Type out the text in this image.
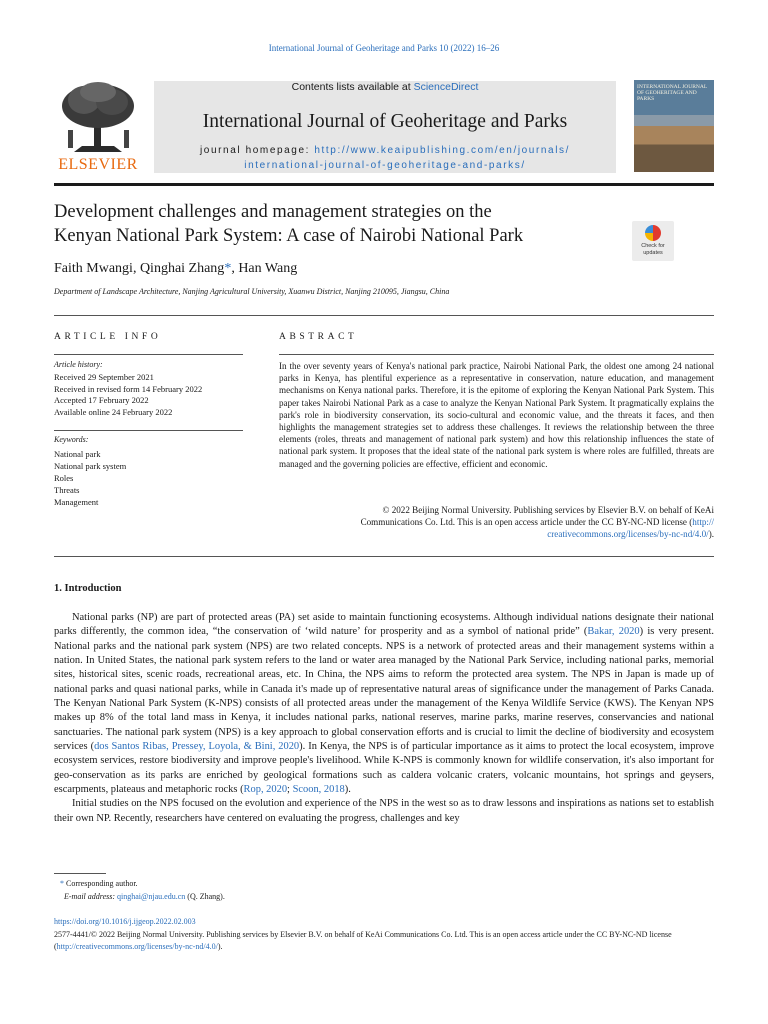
International Journal of Geoheritage and Parks 10 (2022) 16–26
ELSEVIER
Contents lists available at ScienceDirect
International Journal of Geoheritage and Parks
journal homepage: http://www.keaipublishing.com/en/journals/
international-journal-of-geoheritage-and-parks/
INTERNATIONAL JOURNAL OF GEOHERITAGE AND PARKS
Development challenges and management strategies on the
Kenyan National Park System: A case of Nairobi National Park
Check for updates
Faith Mwangi, Qinghai Zhang*, Han Wang
Department of Landscape Architecture, Nanjing Agricultural University, Xuanwu District, Nanjing 210095, Jiangsu, China
ARTICLE INFO
Article history:
Received 29 September 2021
Received in revised form 14 February 2022
Accepted 17 February 2022
Available online 24 February 2022
Keywords:
National park
National park system
Roles
Threats
Management
ABSTRACT
In the over seventy years of Kenya's national park practice, Nairobi National Park, the oldest one among 24 national parks in Kenya, has plentiful experience as a representative in conservation, nature education, and management mechanisms on Kenya national parks. Therefore, it is the epitome of exploring the Kenyan National Park System. This paper takes Nairobi National Park as a case to analyze the Kenyan National Park System. It pragmatically explains the park's role in biodiversity conservation, its socio-cultural and economic value, and the threats it faces, and then highlights the management strategies set to address these challenges. It reviews the relationship between the three elements (roles, threats and management of national park system) and how this relationship influences the state of national park system. It proposes that the ideal state of the national park system is where roles are fulfilled, threats are managed and the governing policies are effective, efficient and economic.
© 2022 Beijing Normal University. Publishing services by Elsevier B.V. on behalf of KeAi
Communications Co. Ltd. This is an open access article under the CC BY-NC-ND license (http://
creativecommons.org/licenses/by-nc-nd/4.0/).
1. Introduction

National parks (NP) are part of protected areas (PA) set aside to maintain functioning ecosystems. Although individual nations designate their national parks differently, the common idea, “the conservation of ‘wild nature’ for prosperity and as a symbol of national pride” (Bakar, 2020) is very present. National parks and the national park system (NPS) are two related concepts. NPS is a network of protected areas and their management systems within a nation. In United States, the national park system refers to the land or water area managed by the National Park Service, including national parks, memorial sites, historical sites, scenic roads, recreational areas, etc. In China, the NPS aims to reform the protected area system. The NPS in Japan is made up of national parks and quasi national parks, while in Canada it's made up of representative natural areas of significance under the management of Parks Canada. The Kenyan National Park System (K-NPS) consists of all protected areas under the management of the Kenya Wildlife Service (KWS). The Kenyan NPS makes up 8% of the total land mass in Kenya, it includes national parks, national reserves, marine parks, marine reserves, conservancies and national sanctuaries. The national park system (NPS) is a key approach to global conservation efforts and is crucial to limit the decline of biodiversity and ecosystem services (dos Santos Ribas, Pressey, Loyola, & Bini, 2020). In Kenya, the NPS is of particular importance as it aims to protect the local ecosystem, improve ecosystem services, restore biodiversity and improve people's livelihood. While K-NPS is commonly known for wildlife conservation, it's also important for geo-conservation as its parks are enriched by geological formations such as caldera volcanic craters, volcanic mountains, hot springs and geysers, escarpments, plateaus and metaphoric rocks (Rop, 2020; Scoon, 2018).

Initial studies on the NPS focused on the evolution and experience of the NPS in the west so as to draw lessons and inspirations as nations set to establish their own NP. Recently, researchers have centered on evaluating the progress, challenges and key

* Corresponding author.
E-mail address: qinghai@njau.edu.cn (Q. Zhang).
https://doi.org/10.1016/j.ijgeop.2022.02.003
2577-4441/© 2022 Beijing Normal University. Publishing services by Elsevier B.V. on behalf of KeAi Communications Co. Ltd. This is an open access article under the CC BY-NC-ND license (http://creativecommons.org/licenses/by-nc-nd/4.0/).
